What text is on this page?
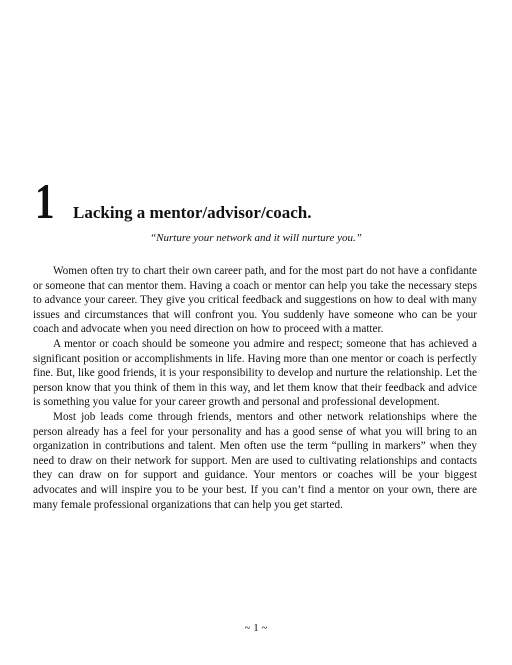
1 Lacking a mentor/advisor/coach.
“Nurture your network and it will nurture you.”

Women often try to chart their own career path, and for the most part do not have a confidante or someone that can mentor them. Having a coach or mentor can help you take the necessary steps to advance your career. They give you critical feedback and suggestions on how to deal with many issues and circumstances that will confront you. You suddenly have someone who can be your coach and advocate when you need direction on how to proceed with a matter.

A mentor or coach should be someone you admire and respect; someone that has achieved a significant position or accomplishments in life. Having more than one mentor or coach is perfectly fine. But, like good friends, it is your responsibility to develop and nurture the relationship. Let the person know that you think of them in this way, and let them know that their feedback and advice is something you value for your career growth and personal and professional development.

Most job leads come through friends, mentors and other network relationships where the person already has a feel for your personality and has a good sense of what you will bring to an organization in contributions and talent. Men often use the term “pulling in markers” when they need to draw on their network for support. Men are used to cultivating relationships and contacts they can draw on for support and guidance. Your mentors or coaches will be your biggest advocates and will inspire you to be your best. If you can’t find a mentor on your own, there are many female professional organizations that can help you get started.

~ 1 ~
